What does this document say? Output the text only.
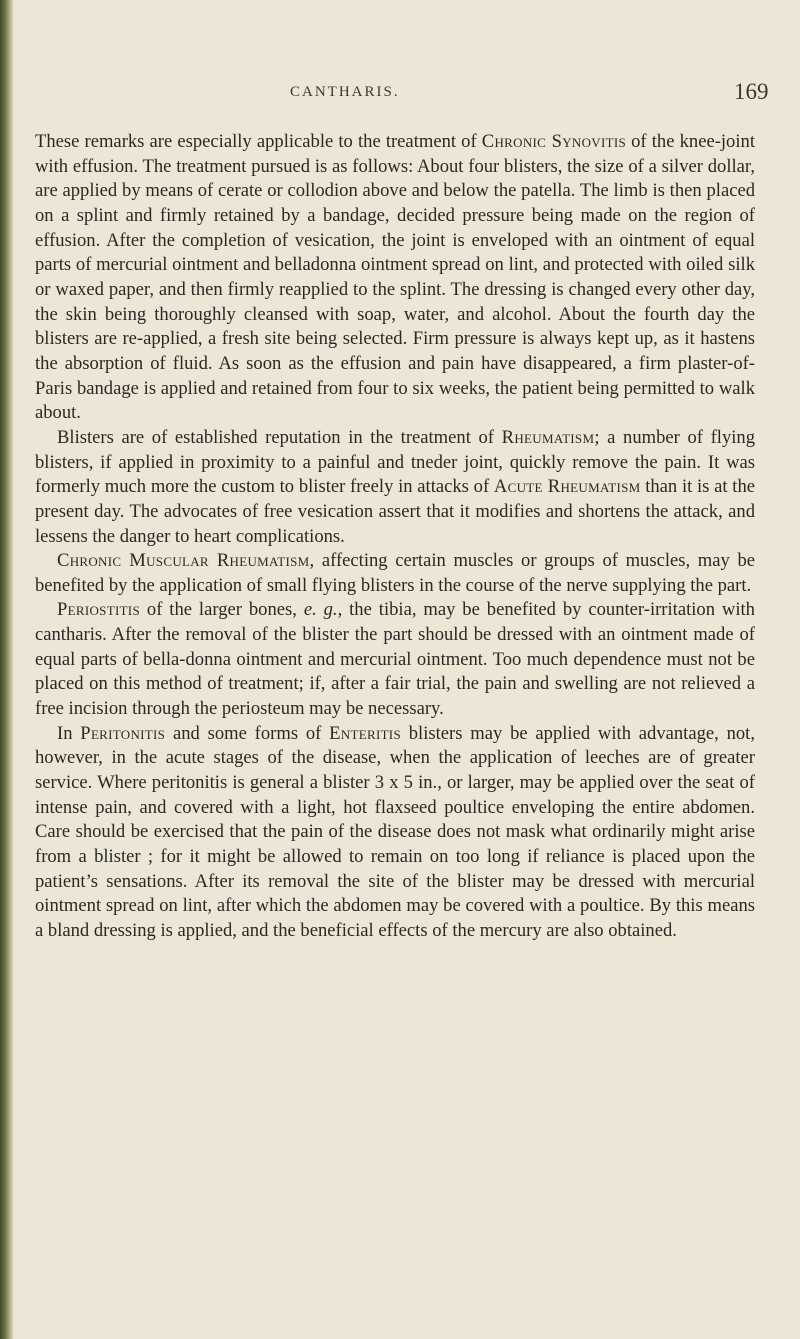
CANTHARIS.	169

These remarks are especially applicable to the treatment of Chronic Synovitis of the knee-joint with effusion. The treatment pursued is as follows: About four blisters, the size of a silver dollar, are applied by means of cerate or collodion above and below the patella. The limb is then placed on a splint and firmly retained by a bandage, decided pressure being made on the region of effusion. After the completion of vesication, the joint is enveloped with an ointment of equal parts of mercurial ointment and belladonna ointment spread on lint, and protected with oiled silk or waxed paper, and then firmly reapplied to the splint. The dressing is changed every other day, the skin being thoroughly cleansed with soap, water, and alcohol. About the fourth day the blisters are re-applied, a fresh site being selected. Firm pressure is always kept up, as it hastens the absorption of fluid. As soon as the effusion and pain have disappeared, a firm plaster-of-Paris bandage is applied and retained from four to six weeks, the patient being permitted to walk about.

Blisters are of established reputation in the treatment of Rheumatism; a number of flying blisters, if applied in proximity to a painful and tneder joint, quickly remove the pain. It was formerly much more the custom to blister freely in attacks of Acute Rheumatism than it is at the present day. The advocates of free vesication assert that it modifies and shortens the attack, and lessens the danger to heart complications.

Chronic Muscular Rheumatism, affecting certain muscles or groups of muscles, may be benefited by the application of small flying blisters in the course of the nerve supplying the part.

Periostitis of the larger bones, e. g., the tibia, may be benefited by counter-irritation with cantharis. After the removal of the blister the part should be dressed with an ointment made of equal parts of bella-donna ointment and mercurial ointment. Too much dependence must not be placed on this method of treatment; if, after a fair trial, the pain and swelling are not relieved a free incision through the periosteum may be necessary.

In Peritonitis and some forms of Enteritis blisters may be applied with advantage, not, however, in the acute stages of the disease, when the application of leeches are of greater service. Where peritonitis is general a blister 3 x 5 in., or larger, may be applied over the seat of intense pain, and covered with a light, hot flaxseed poultice enveloping the entire abdomen. Care should be exercised that the pain of the disease does not mask what ordinarily might arise from a blister ; for it might be allowed to remain on too long if reliance is placed upon the patient’s sensations. After its removal the site of the blister may be dressed with mercurial ointment spread on lint, after which the abdomen may be covered with a poultice. By this means a bland dressing is applied, and the beneficial effects of the mercury are also obtained.
